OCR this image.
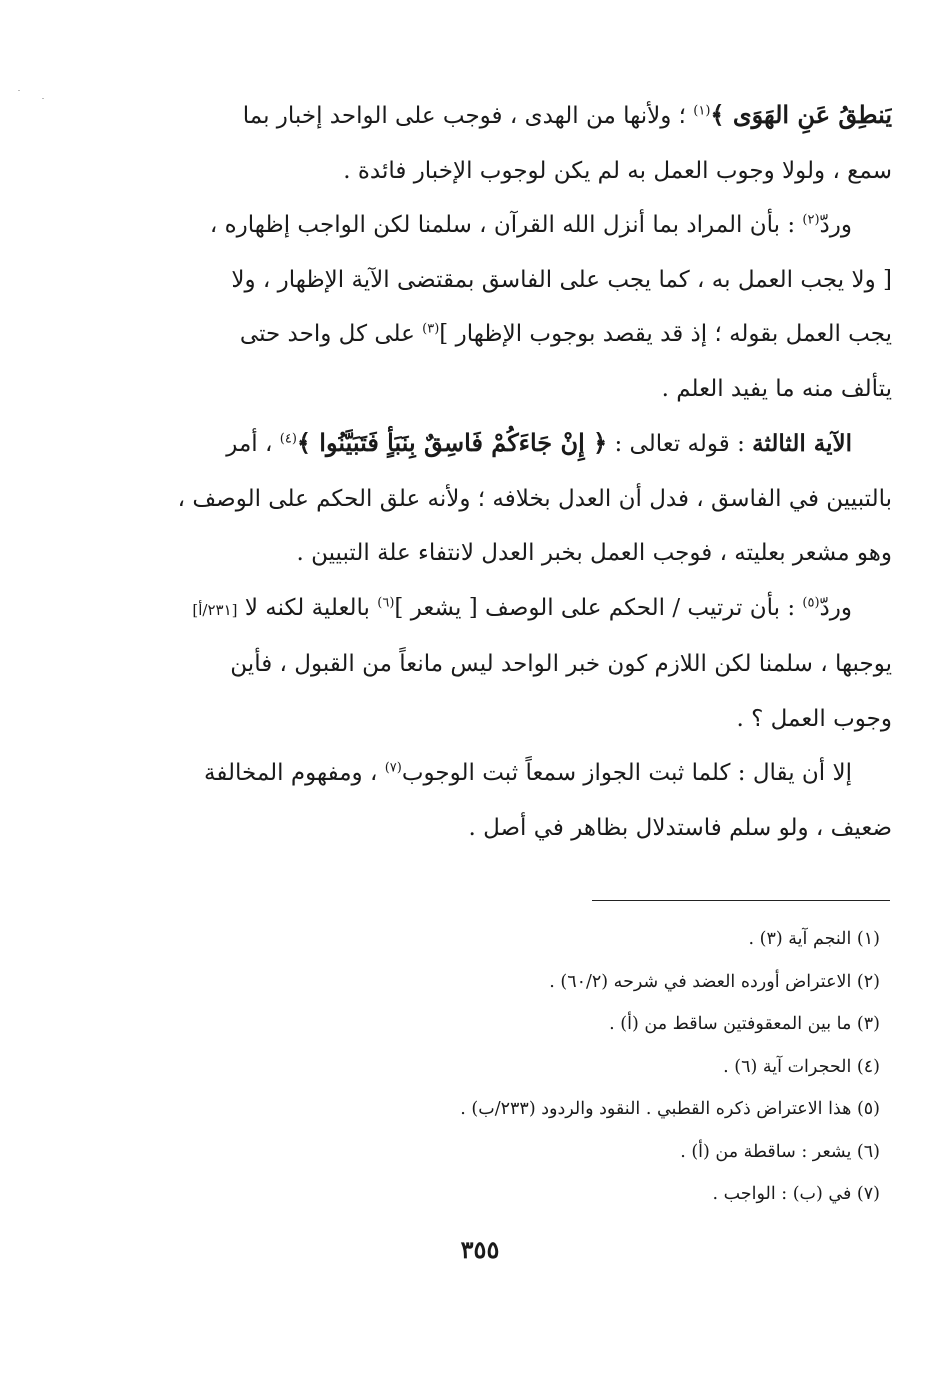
يَنطِقُ عَنِ الهَوَى ﴾$^{(١)}$ ؛ ولأنها من الهدى ، فوجب على الواحد إخبار بما
سمع ، ولولا وجوب العمل به لم يكن لوجوب الإخبار فائدة .
وردّ$^{(٢)}$ : بأن المراد بما أنزل الله القرآن ، سلمنا لكن الواجب إظهاره ،
[ ولا يجب العمل به ، كما يجب على الفاسق بمقتضى الآية الإظهار ، ولا
يجب العمل بقوله ؛ إذ قد يقصد بوجوب الإظهار ]$^{(٣)}$ على كل واحد حتى
يتألف منه ما يفيد العلم .
الآية الثالثة : قوله تعالى : ﴿ إِنْ جَاءَكُمْ فَاسِقٌ بِنَبَأٍ فَتَبَيَّنُوا ﴾$^{(٤)}$ ، أمر
بالتبيين في الفاسق ، فدل أن العدل بخلافه ؛ ولأنه علق الحكم على الوصف ،
وهو مشعر بعليته ، فوجب العمل بخبر العدل لانتفاء علة التبيين .
وردّ$^{(٥)}$ : بأن ترتيب / الحكم على الوصف [ يشعر ]$^{(٦)}$ بالعلية لكنه لا [٢٣١/أ]
يوجبها ، سلمنا لكن اللازم كون خبر الواحد ليس مانعاً من القبول ، فأين
وجوب العمل ؟ .
إلا أن يقال : كلما ثبت الجواز سمعاً ثبت الوجوب$^{(٧)}$ ، ومفهوم المخالفة
ضعيف ، ولو سلم فاستدلال بظاهر في أصل .
(١) النجم آية (٣) .
(٢) الاعتراض أورده العضد في شرحه (٦٠/٢) .
(٣) ما بين المعقوفتين ساقط من (أ) .
(٤) الحجرات آية (٦) .
(٥) هذا الاعتراض ذكره القطبي . النقود والردود (٢٣٣/ب) .
(٦) يشعر : ساقطة من (أ) .
(٧) في (ب) : الواجب .
٣٥٥
